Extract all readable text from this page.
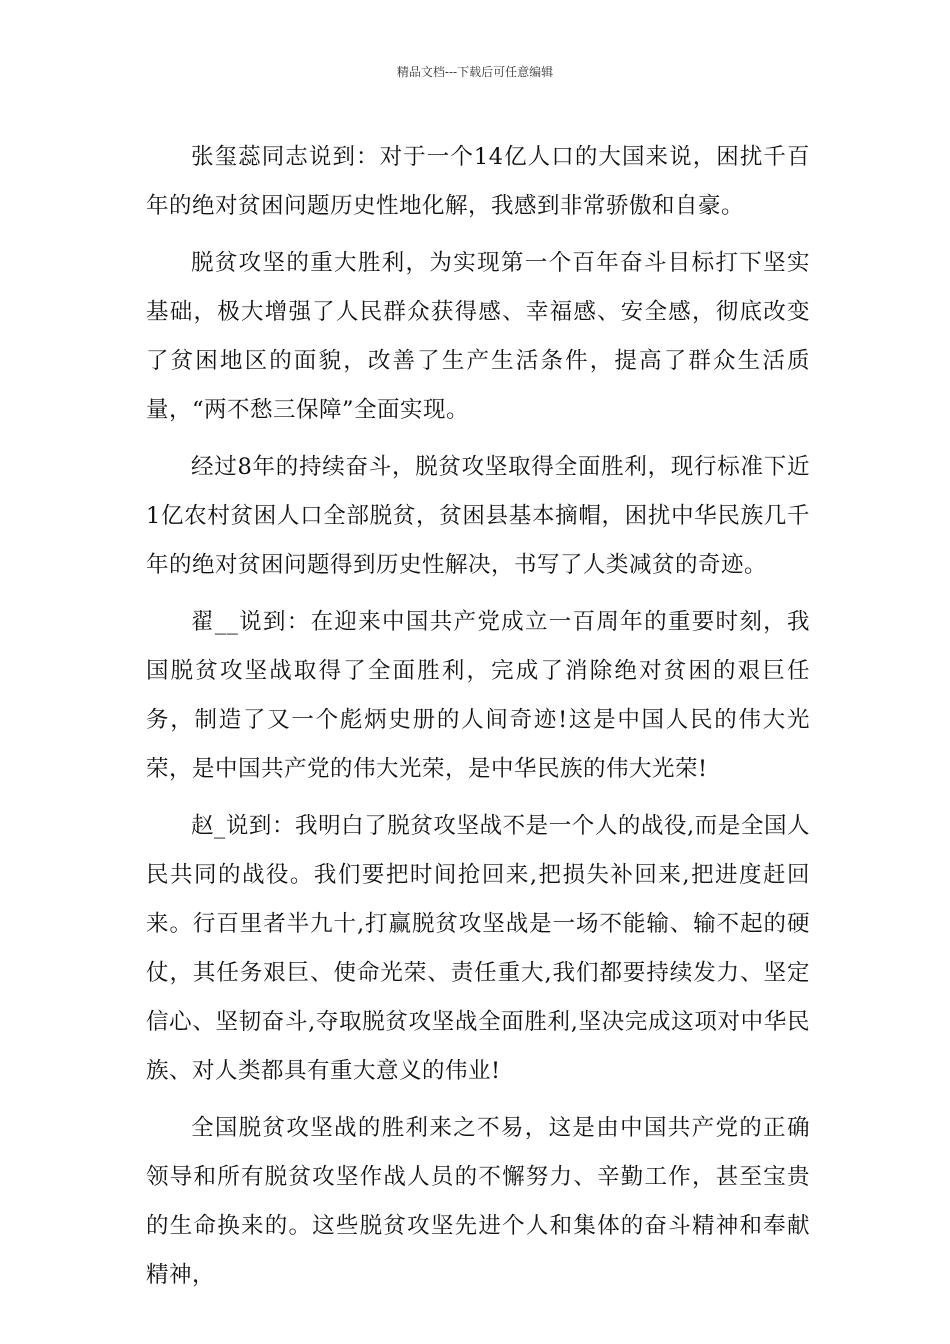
精品文档---下载后可任意编辑

张玺蕊同志说到：对于一个14亿人口的大国来说，困扰千百年的绝对贫困问题历史性地化解，我感到非常骄傲和自豪。

脱贫攻坚的重大胜利，为实现第一个百年奋斗目标打下坚实基础，极大增强了人民群众获得感、幸福感、安全感，彻底改变了贫困地区的面貌，改善了生产生活条件，提高了群众生活质量，“两不愁三保障”全面实现。

经过8年的持续奋斗，脱贫攻坚取得全面胜利，现行标准下近1亿农村贫困人口全部脱贫，贫困县基本摘帽，困扰中华民族几千年的绝对贫困问题得到历史性解决，书写了人类减贫的奇迹。

翟__说到：在迎来中国共产党成立一百周年的重要时刻，我国脱贫攻坚战取得了全面胜利，完成了消除绝对贫困的艰巨任务，制造了又一个彪炳史册的人间奇迹!这是中国人民的伟大光荣，是中国共产党的伟大光荣，是中华民族的伟大光荣!

赵_说到：我明白了脱贫攻坚战不是一个人的战役,而是全国人民共同的战役。我们要把时间抢回来,把损失补回来,把进度赶回来。行百里者半九十,打赢脱贫攻坚战是一场不能输、输不起的硬仗，其任务艰巨、使命光荣、责任重大,我们都要持续发力、坚定信心、坚韧奋斗,夺取脱贫攻坚战全面胜利,坚决完成这项对中华民族、对人类都具有重大意义的伟业!

全国脱贫攻坚战的胜利来之不易，这是由中国共产党的正确领导和所有脱贫攻坚作战人员的不懈努力、辛勤工作，甚至宝贵的生命换来的。这些脱贫攻坚先进个人和集体的奋斗精神和奉献精神，
